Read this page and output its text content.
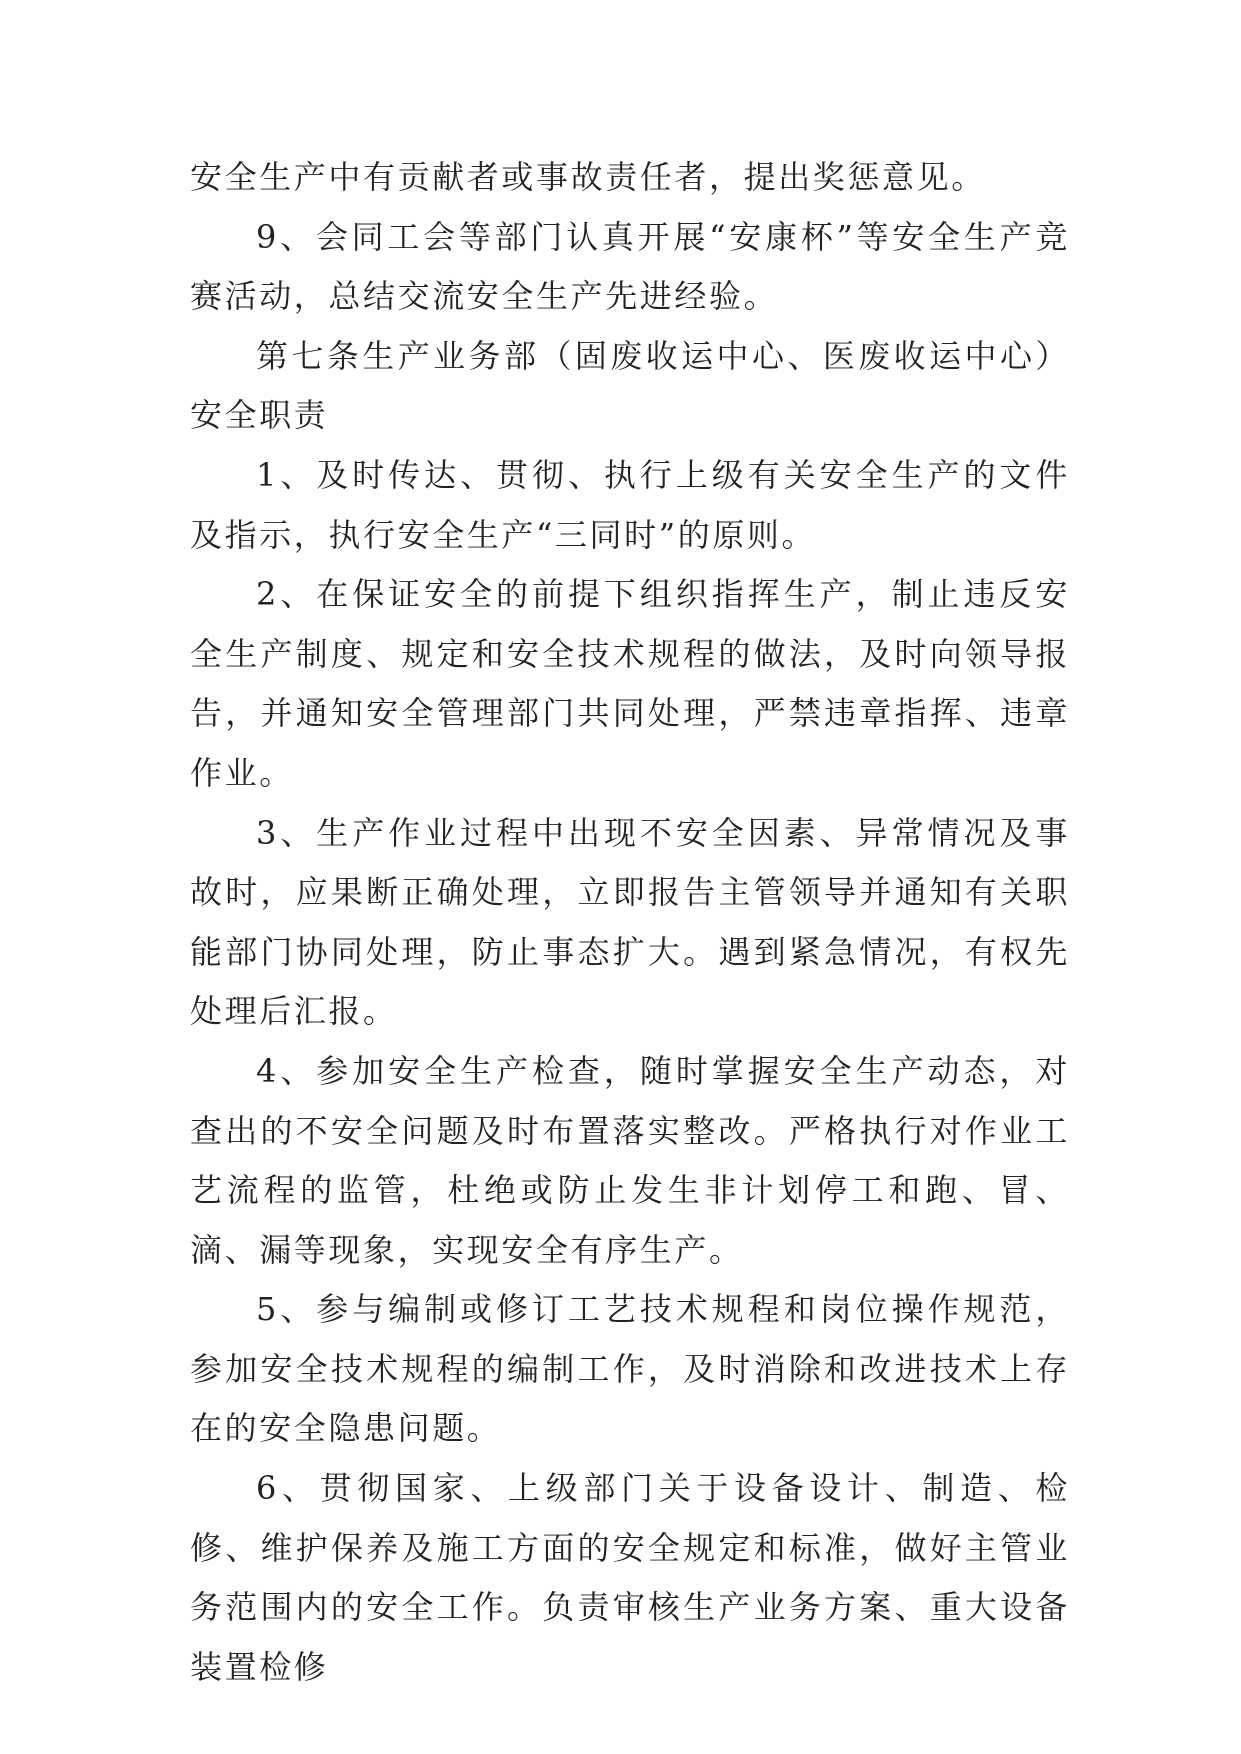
安全生产中有贡献者或事故责任者，提出奖惩意见。

9、会同工会等部门认真开展“安康杯”等安全生产竞赛活动，总结交流安全生产先进经验。

第七条生产业务部（固废收运中心、医废收运中心）安全职责

1、及时传达、贯彻、执行上级有关安全生产的文件及指示，执行安全生产“三同时”的原则。

2、在保证安全的前提下组织指挥生产，制止违反安全生产制度、规定和安全技术规程的做法，及时向领导报告，并通知安全管理部门共同处理，严禁违章指挥、违章作业。

3、生产作业过程中出现不安全因素、异常情况及事故时，应果断正确处理，立即报告主管领导并通知有关职能部门协同处理，防止事态扩大。遇到紧急情况，有权先处理后汇报。

4、参加安全生产检查，随时掌握安全生产动态，对查出的不安全问题及时布置落实整改。严格执行对作业工艺流程的监管，杜绝或防止发生非计划停工和跑、冒、滴、漏等现象，实现安全有序生产。

5、参与编制或修订工艺技术规程和岗位操作规范，参加安全技术规程的编制工作，及时消除和改进技术上存在的安全隐患问题。

6、贯彻国家、上级部门关于设备设计、制造、检修、维护保养及施工方面的安全规定和标准，做好主管业务范围内的安全工作。负责审核生产业务方案、重大设备装置检修
